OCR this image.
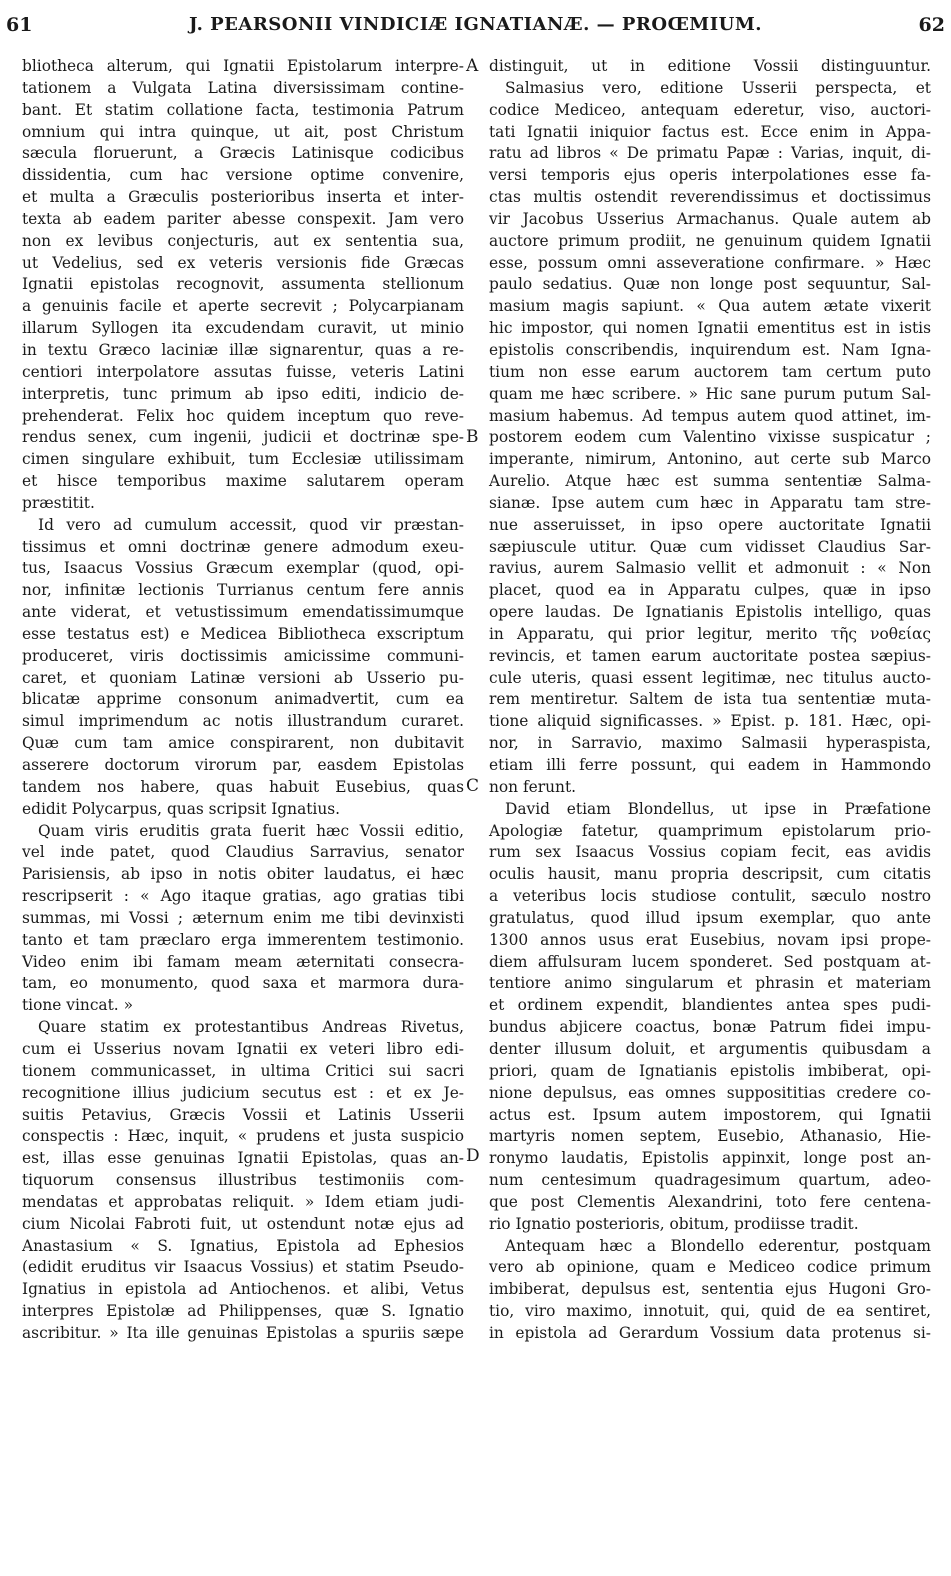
61	J. PEARSONII VINDICIÆ IGNATIANÆ. — PROŒMIUM.	62
bliotheca alterum, qui Ignatii Epistolarum interpre-
tationem a Vulgata Latina diversissimam contine-
bant. Et statim collatione facta, testimonia Patrum
omnium qui intra quinque, ut ait, post Christum
sæcula floruerunt, a Græcis Latinisque codicibus
dissidentia, cum hac versione optime convenire,
et multa a Græculis posterioribus inserta et inter-
texta ab eadem pariter abesse conspexit. Jam vero
non ex levibus conjecturis, aut ex sententia sua,
ut Vedelius, sed ex veteris versionis fide Græcas
Ignatii epistolas recognovit, assumenta stellionum
a genuinis facile et aperte secrevit ; Polycarpianam
illarum Syllogen ita excudendam curavit, ut minio
in textu Græco laciniæ illæ signarentur, quas a re-
centiori interpolatore assutas fuisse, veteris Latini
interpretis, tunc primum ab ipso editi, indicio de-
prehenderat. Felix hoc quidem inceptum quo reve-
rendus senex, cum ingenii, judicii et doctrinæ spe-
cimen singulare exhibuit, tum Ecclesiæ utilissimam
et hisce temporibus maxime salutarem operam
præstitit.
Id vero ad cumulum accessit, quod vir præstan-
tissimus et omni doctrinæ genere admodum exeu-
tus, Isaacus Vossius Græcum exemplar (quod, opi-
nor, infinitæ lectionis Turrianus centum fere annis
ante viderat, et vetustissimum emendatissimumque
esse testatus est) e Medicea Bibliotheca exscriptum
produceret, viris doctissimis amicissime communi-
caret, et quoniam Latinæ versioni ab Usserio pu-
blicatæ apprime consonum animadvertit, cum ea
simul imprimendum ac notis illustrandum curaret.
Quæ cum tam amice conspirarent, non dubitavit
asserere doctorum virorum par, easdem Epistolas
tandem nos habere, quas habuit Eusebius, quas
edidit Polycarpus, quas scripsit Ignatius.
Quam viris eruditis grata fuerit hæc Vossii editio,
vel inde patet, quod Claudius Sarravius, senator
Parisiensis, ab ipso in notis obiter laudatus, ei hæc
rescripserit : « Ago itaque gratias, ago gratias tibi
summas, mi Vossi ; æternum enim me tibi devinxisti
tanto et tam præclaro erga immerentem testimonio.
Video enim ibi famam meam æternitati consecra-
tam, eo monumento, quod saxa et marmora dura-
tione vincat. »
Quare statim ex protestantibus Andreas Rivetus,
cum ei Usserius novam Ignatii ex veteri libro edi-
tionem communicasset, in ultima Critici sui sacri
recognitione illius judicium secutus est : et ex Je-
suitis Petavius, Græcis Vossii et Latinis Usserii
conspectis : Hæc, inquit, « prudens et justa suspicio
est, illas esse genuinas Ignatii Epistolas, quas an-
tiquorum consensus illustribus testimoniis com-
mendatas et approbatas reliquit. » Idem etiam judi-
cium Nicolai Fabroti fuit, ut ostendunt notæ ejus ad
Anastasium « S. Ignatius, Epistola ad Ephesios
(edidit eruditus vir Isaacus Vossius) et statim Pseudo-
Ignatius in epistola ad Antiochenos. et alibi, Vetus
interpres Epistolæ ad Philippenses, quæ S. Ignatio
ascribitur. » Ita ille genuinas Epistolas a spuriis sæpe
distinguit, ut in editione Vossii distinguuntur.
Salmasius vero, editione Usserii perspecta, et
codice Mediceo, antequam ederetur, viso, auctori-
tati Ignatii iniquior factus est. Ecce enim in Appa-
ratu ad libros « De primatu Papæ : Varias, inquit, di-
versi temporis ejus operis interpolationes esse fa-
ctas multis ostendit reverendissimus et doctissimus
vir Jacobus Usserius Armachanus. Quale autem ab
auctore primum prodiit, ne genuinum quidem Ignatii
esse, possum omni asseveratione confirmare. » Hæc
paulo sedatius. Quæ non longe post sequuntur, Sal-
masium magis sapiunt. « Qua autem ætate vixerit
hic impostor, qui nomen Ignatii ementitus est in istis
epistolis conscribendis, inquirendum est. Nam Igna-
tium non esse earum auctorem tam certum puto
quam me hæc scribere. » Hic sane purum putum Sal-
masium habemus. Ad tempus autem quod attinet, im-
postorem eodem cum Valentino vixisse suspicatur ;
imperante, nimirum, Antonino, aut certe sub Marco
Aurelio. Atque hæc est summa sententiæ Salma-
sianæ. Ipse autem cum hæc in Apparatu tam stre-
nue asseruisset, in ipso opere auctoritate Ignatii
sæpiuscule utitur. Quæ cum vidisset Claudius Sar-
ravius, aurem Salmasio vellit et admonuit : « Non
placet, quod ea in Apparatu culpes, quæ in ipso
opere laudas. De Ignatianis Epistolis intelligo, quas
in Apparatu, qui prior legitur, merito τῆς νοθείας
revincis, et tamen earum auctoritate postea sæpius-
cule uteris, quasi essent legitimæ, nec titulus aucto-
rem mentiretur. Saltem de ista tua sententiæ muta-
tione aliquid significasses. » Epist. p. 181. Hæc, opi-
nor, in Sarravio, maximo Salmasii hyperaspista,
etiam illi ferre possunt, qui eadem in Hammondo
non ferunt.
David etiam Blondellus, ut ipse in Præfatione
Apologiæ fatetur, quamprimum epistolarum prio-
rum sex Isaacus Vossius copiam fecit, eas avidis
oculis hausit, manu propria descripsit, cum citatis
a veteribus locis studiose contulit, sæculo nostro
gratulatus, quod illud ipsum exemplar, quo ante
1300 annos usus erat Eusebius, novam ipsi prope-
diem affulsuram lucem sponderet. Sed postquam at-
tentiore animo singularum et phrasin et materiam
et ordinem expendit, blandientes antea spes pudi-
bundus abjicere coactus, bonæ Patrum fidei impu-
denter illusum doluit, et argumentis quibusdam a
priori, quam de Ignatianis epistolis imbiberat, opi-
nione depulsus, eas omnes supposititias credere co-
actus est. Ipsum autem impostorem, qui Ignatii
martyris nomen septem, Eusebio, Athanasio, Hie-
ronymo laudatis, Epistolis appinxit, longe post an-
num centesimum quadragesimum quartum, adeo-
que post Clementis Alexandrini, toto fere centena-
rio Ignatio posterioris, obitum, prodiisse tradit.
Antequam hæc a Blondello ederentur, postquam
vero ab opinione, quam e Mediceo codice primum
imbiberat, depulsus est, sententia ejus Hugoni Gro-
tio, viro maximo, innotuit, qui, quid de ea sentiret,
in epistola ad Gerardum Vossium data protenus si-
A
B
C
D
